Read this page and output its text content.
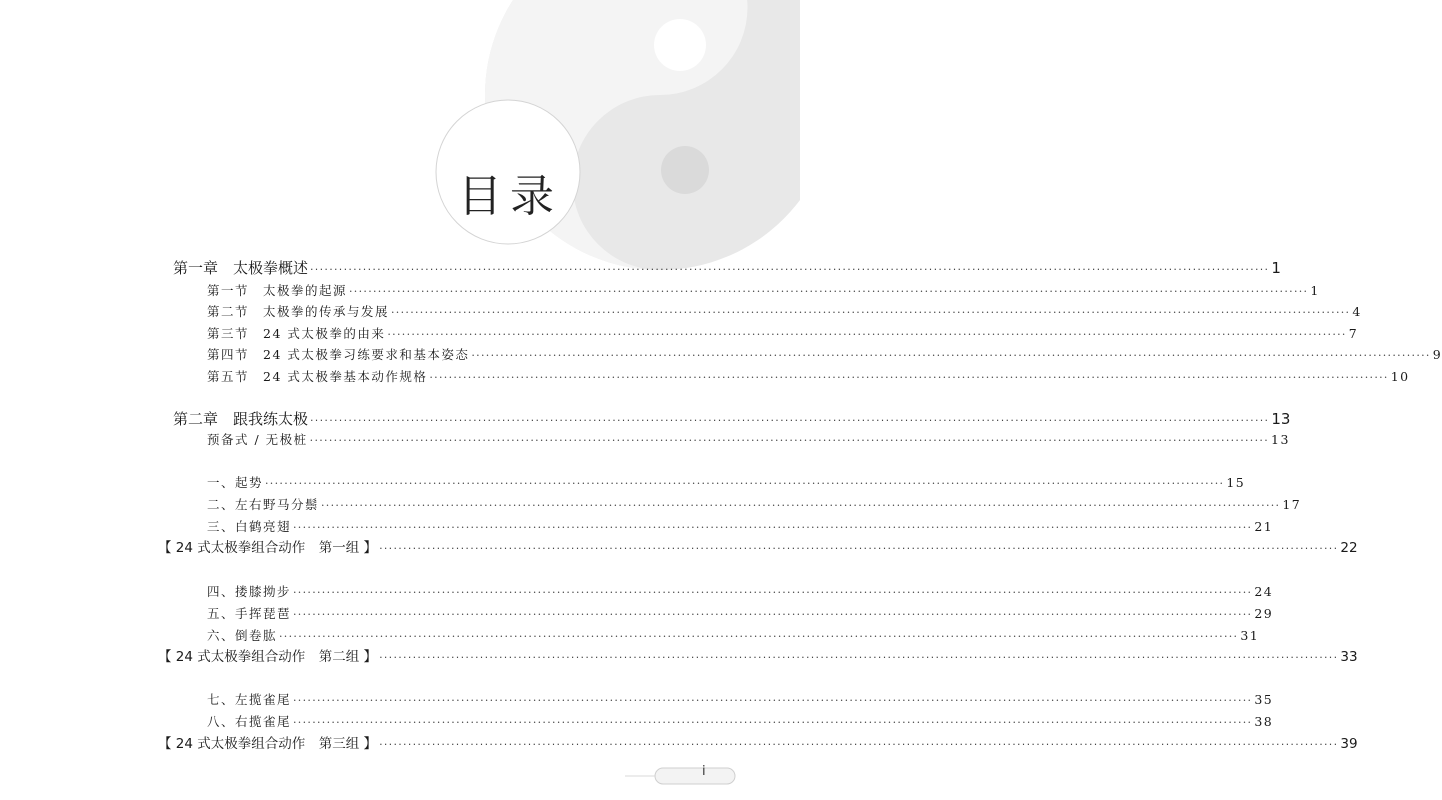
目录
第一章　太极拳概述 ········································································································································································································ 1
第一节　太极拳的起源 ········································································································································································································ 1
第二节　太极拳的传承与发展 ········································································································································································································ 4
第三节　24 式太极拳的由来 ········································································································································································································ 7
第四节　24 式太极拳习练要求和基本姿态 ········································································································································································································ 9
第五节　24 式太极拳基本动作规格 ········································································································································································································ 10
第二章　跟我练太极 ········································································································································································································ 13
预备式 / 无极桩 ········································································································································································································ 13
一、起势 ········································································································································································································ 15
二、左右野马分鬃 ········································································································································································································ 17
三、白鹤亮翅 ········································································································································································································ 21
【 24 式太极拳组合动作　第一组 】 ········································································································································································································ 22
四、搂膝拗步 ········································································································································································································ 24
五、手挥琵琶 ········································································································································································································ 29
六、倒卷肱 ········································································································································································································ 31
【 24 式太极拳组合动作　第二组 】 ········································································································································································································ 33
七、左揽雀尾 ········································································································································································································ 35
八、右揽雀尾 ········································································································································································································ 38
【 24 式太极拳组合动作　第三组 】 ········································································································································································································ 39
i
